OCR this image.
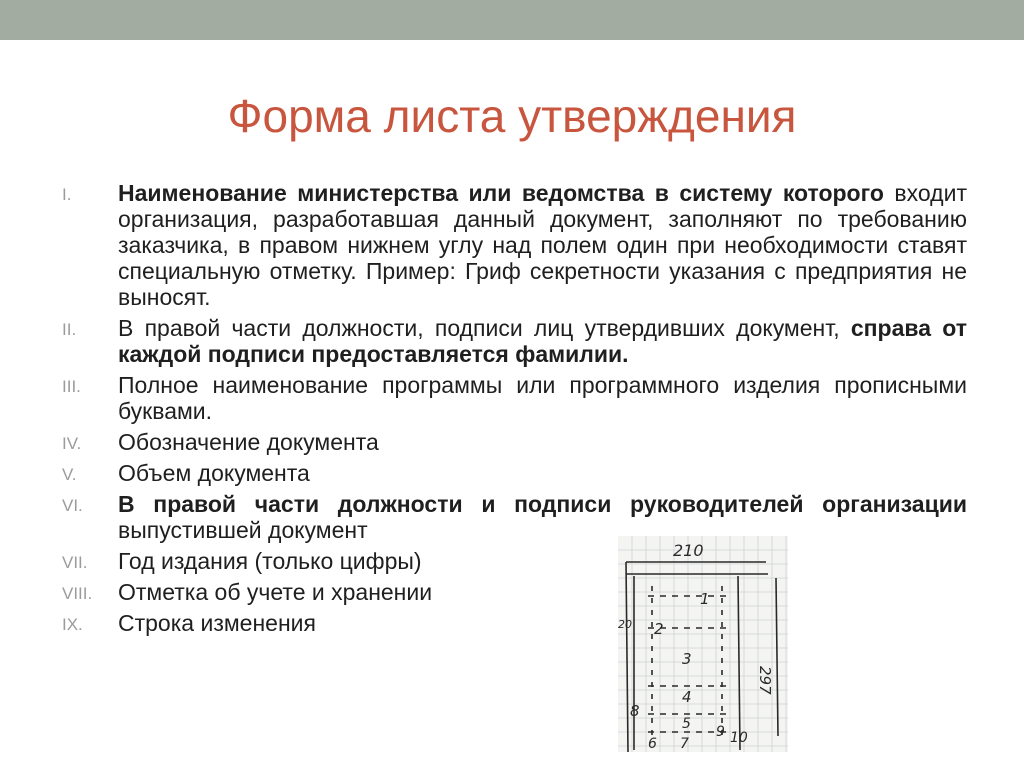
Форма листа утверждения
I. Наименование министерства или ведомства в систему которого входит организация, разработавшая данный документ, заполняют по требованию заказчика, в правом нижнем углу над полем один при необходимости ставят специальную отметку. Пример: Гриф секретности указания с предприятия не выносят.
II. В правой части должности, подписи лиц утвердивших документ, справа от каждой подписи предоставляется фамилии.
III. Полное наименование программы или программного изделия прописными буквами.
IV. Обозначение документа
V. Объем документа
VI. В правой части должности и подписи руководителей организации выпустившей документ
VII. Год издания (только цифры)
VIII. Отметка об учете и хранении
IX. Строка изменения
210
297
20
1
2
3
4
5
6 7
8
9 10
